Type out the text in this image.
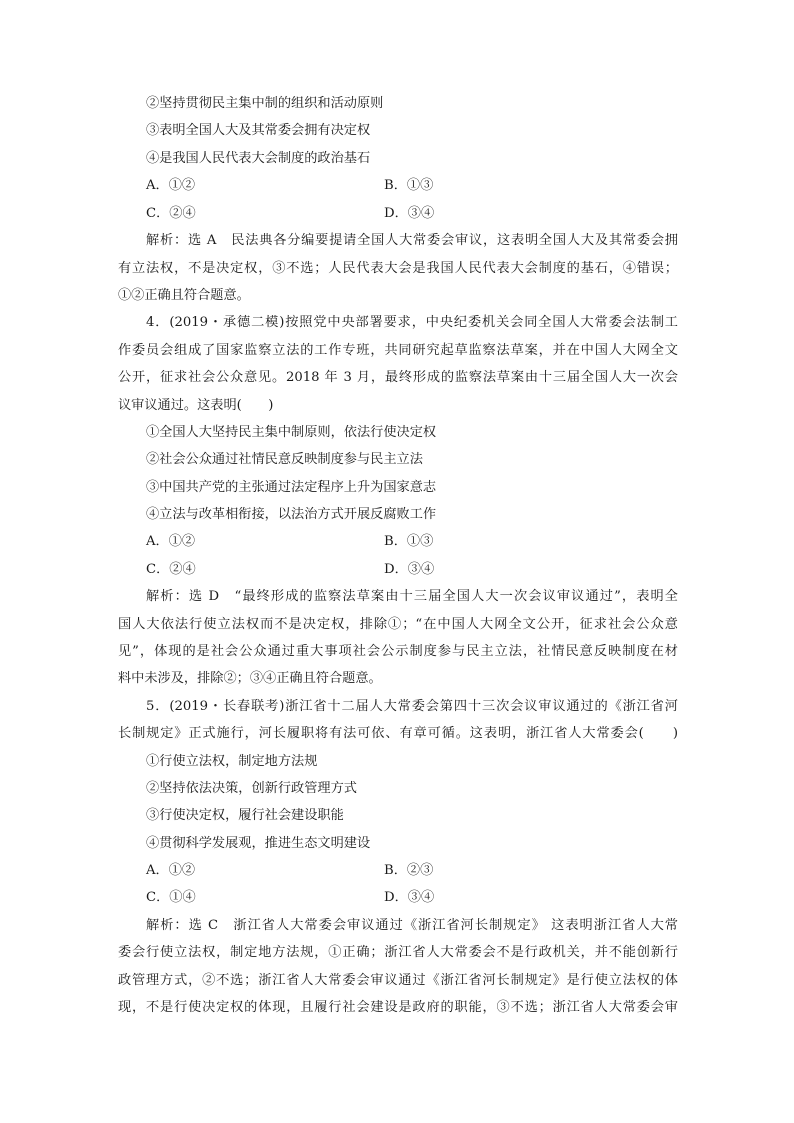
②坚持贯彻民主集中制的组织和活动原则
③表明全国人大及其常委会拥有决定权
④是我国人民代表大会制度的政治基石
A．①②	B．①③
C．②④	D．③④
解析：选 A　民法典各分编要提请全国人大常委会审议，这表明全国人大及其常委会拥
有立法权，不是决定权，③不选；人民代表大会是我国人民代表大会制度的基石，④错误；
①②正确且符合题意。
4．(2019・承德二模)按照党中央部署要求，中央纪委机关会同全国人大常委会法制工
作委员会组成了国家监察立法的工作专班，共同研究起草监察法草案，并在中国人大网全文
公开，征求社会公众意见。2018 年 3 月，最终形成的监察法草案由十三届全国人大一次会
议审议通过。这表明(　　)
①全国人大坚持民主集中制原则，依法行使决定权
②社会公众通过社情民意反映制度参与民主立法
③中国共产党的主张通过法定程序上升为国家意志
④立法与改革相衔接，以法治方式开展反腐败工作
A．①②	B．①③
C．②④	D．③④
解析：选 D　“最终形成的监察法草案由十三届全国人大一次会议审议通过”，表明全
国人大依法行使立法权而不是决定权，排除①；“在中国人大网全文公开，征求社会公众意
见”，体现的是社会公众通过重大事项社会公示制度参与民主立法，社情民意反映制度在材
料中未涉及，排除②；③④正确且符合题意。
5．(2019・长春联考)浙江省十二届人大常委会第四十三次会议审议通过的《浙江省河
长制规定》正式施行，河长履职将有法可依、有章可循。这表明，浙江省人大常委会(　　)
①行使立法权，制定地方法规
②坚持依法决策，创新行政管理方式
③行使决定权，履行社会建设职能
④贯彻科学发展观，推进生态文明建设
A．①②	B．②③
C．①④	D．③④
解析：选 C　浙江省人大常委会审议通过《浙江省河长制规定》 这表明浙江省人大常
委会行使立法权，制定地方法规，①正确；浙江省人大常委会不是行政机关，并不能创新行
政管理方式，②不选；浙江省人大常委会审议通过《浙江省河长制规定》是行使立法权的体
现，不是行使决定权的体现，且履行社会建设是政府的职能，③不选；浙江省人大常委会审
